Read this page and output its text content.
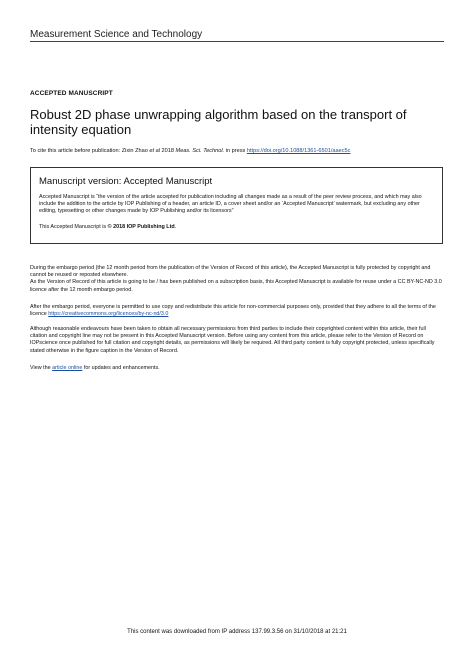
Measurement Science and Technology
ACCEPTED MANUSCRIPT
Robust 2D phase unwrapping algorithm based on the transport of intensity equation
To cite this article before publication: Zixin Zhao et al 2018 Meas. Sci. Technol. in press https://doi.org/10.1088/1361-6501/aaec5c
Manuscript version: Accepted Manuscript
Accepted Manuscript is “the version of the article accepted for publication including all changes made as a result of the peer review process, and which may also include the addition to the article by IOP Publishing of a header, an article ID, a cover sheet and/or an ‘Accepted Manuscript’ watermark, but excluding any other editing, typesetting or other changes made by IOP Publishing and/or its licensors”
This Accepted Manuscript is © 2018 IOP Publishing Ltd.
During the embargo period (the 12 month period from the publication of the Version of Record of this article), the Accepted Manuscript is fully protected by copyright and cannot be reused or reposted elsewhere.
As the Version of Record of this article is going to be / has been published on a subscription basis, this Accepted Manuscript is available for reuse under a CC BY-NC-ND 3.0 licence after the 12 month embargo period.
After the embargo period, everyone is permitted to use copy and redistribute this article for non-commercial purposes only, provided that they adhere to all the terms of the licence https://creativecommons.org/licences/by-nc-nd/3.0
Although reasonable endeavours have been taken to obtain all necessary permissions from third parties to include their copyrighted content within this article, their full citation and copyright line may not be present in this Accepted Manuscript version. Before using any content from this article, please refer to the Version of Record on IOPscience once published for full citation and copyright details, as permissions will likely be required. All third party content is fully copyright protected, unless specifically stated otherwise in the figure caption in the Version of Record.
View the article online for updates and enhancements.
This content was downloaded from IP address 137.99.3.56 on 31/10/2018 at 21:21
